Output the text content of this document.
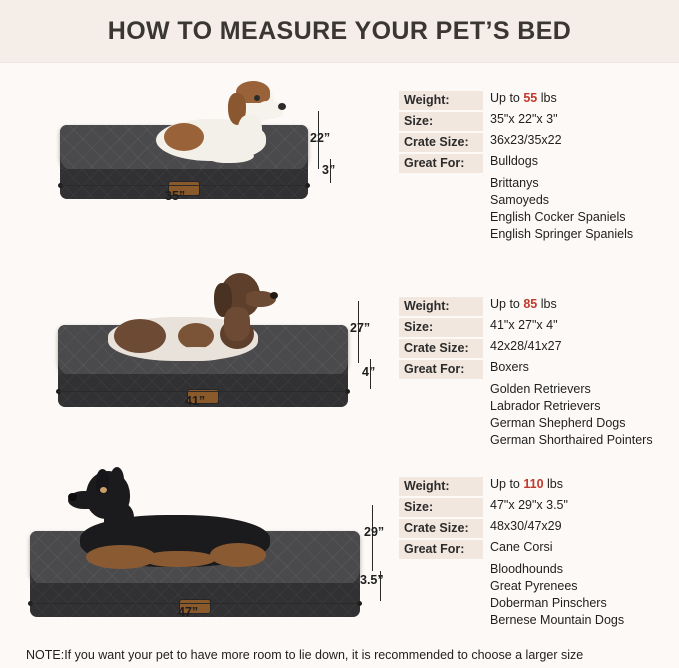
HOW TO MEASURE YOUR PET’S BED
35”
22”
3”
Weight:	Up to 55 lbs
Size:	35"x 22"x 3"
Crate Size:	36x23/35x22
Great For:	Bulldogs
Brittanys
Samoyeds
English Cocker Spaniels
English Springer Spaniels
41”
27”
4”
Weight:	Up to 85 lbs
Size:	41"x 27"x 4"
Crate Size:	42x28/41x27
Great For:	Boxers
Golden Retrievers
Labrador Retrievers
German Shepherd Dogs
German Shorthaired Pointers
47”
29”
3.5”
Weight:	Up to 110 lbs
Size:	47"x 29"x 3.5"
Crate Size:	48x30/47x29
Great For:	Cane Corsi
Bloodhounds
Great Pyrenees
Doberman Pinschers
Bernese Mountain Dogs
NOTE:If you want your pet to have more room to lie down, it is recommended to choose a larger size
